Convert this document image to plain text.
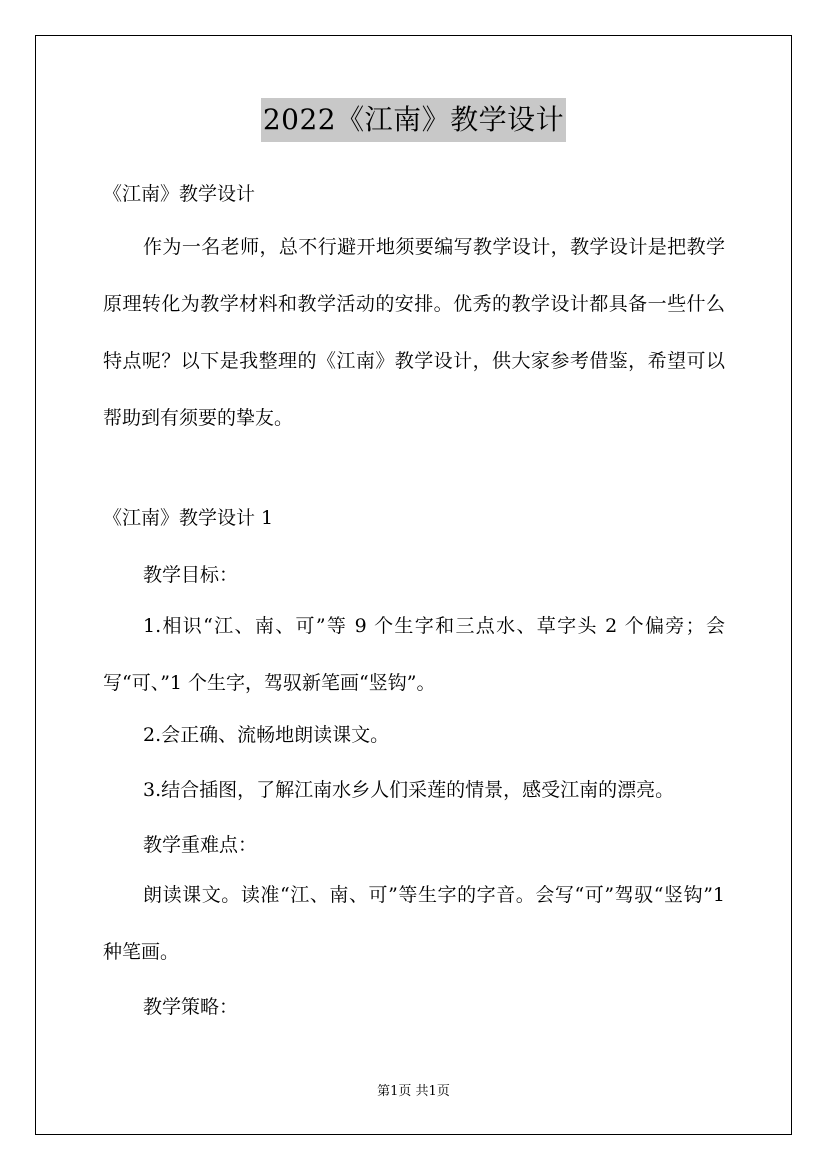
2022《江南》教学设计
《江南》教学设计
作为一名老师，总不行避开地须要编写教学设计，教学设计是把教学原理转化为教学材料和教学活动的安排。优秀的教学设计都具备一些什么特点呢？以下是我整理的《江南》教学设计，供大家参考借鉴，希望可以帮助到有须要的挚友。
《江南》教学设计 1
教学目标：
1.相识“江、南、可”等 9 个生字和三点水、草字头 2 个偏旁；会写“可、”1 个生字，驾驭新笔画“竖钩”。
2.会正确、流畅地朗读课文。
3.结合插图，了解江南水乡人们采莲的情景，感受江南的漂亮。
教学重难点：
朗读课文。读准“江、南、可”等生字的字音。会写“可”驾驭“竖钩”1 种笔画。
教学策略：
第1页 共1页
